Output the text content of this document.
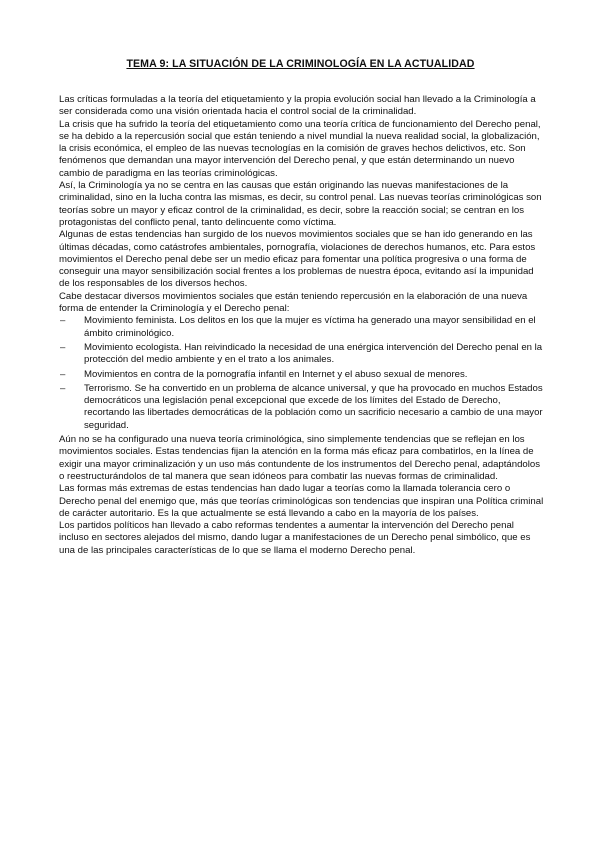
TEMA 9: LA SITUACIÓN DE LA CRIMINOLOGÍA EN LA ACTUALIDAD

Las críticas formuladas a la teoría del etiquetamiento y la propia evolución social han llevado a la Criminología a ser considerada como una visión orientada hacia el control social de la criminalidad.

La crisis que ha sufrido la teoría del etiquetamiento como una teoría crítica de funcionamiento del Derecho penal, se ha debido a la repercusión social que están teniendo a nivel mundial la nueva realidad social, la globalización, la crisis económica, el empleo de las nuevas tecnologías en la comisión de graves hechos delictivos, etc. Son fenómenos que demandan una mayor intervención del Derecho penal, y que están determinando un nuevo cambio de paradigma en las teorías criminológicas.

Así, la Criminología ya no se centra en las causas que están originando las nuevas manifestaciones de la criminalidad, sino en la lucha contra las mismas, es decir, su control penal. Las nuevas teorías criminológicas son teorías sobre un mayor y eficaz control de la criminalidad, es decir, sobre la reacción social; se centran en los protagonistas del conflicto penal, tanto delincuente como víctima.

Algunas de estas tendencias han surgido de los nuevos movimientos sociales que se han ido generando en las últimas décadas, como catástrofes ambientales, pornografía, violaciones de derechos humanos, etc. Para estos movimientos el Derecho penal debe ser un medio eficaz para fomentar una política progresiva o una forma de conseguir una mayor sensibilización social frentes a los problemas de nuestra época, evitando así la impunidad de los responsables de los diversos hechos.

Cabe destacar diversos movimientos sociales que están teniendo repercusión en la elaboración de una nueva forma de entender la Criminología y el Derecho penal:

– Movimiento feminista. Los delitos en los que la mujer es víctima ha generado una mayor sensibilidad en el ámbito criminológico.
– Movimiento ecologista. Han reivindicado la necesidad de una enérgica intervención del Derecho penal en la protección del medio ambiente y en el trato a los animales.
– Movimientos en contra de la pornografía infantil en Internet y el abuso sexual de menores.
– Terrorismo. Se ha convertido en un problema de alcance universal, y que ha provocado en muchos Estados democráticos una legislación penal excepcional que excede de los límites del Estado de Derecho, recortando las libertades democráticas de la población como un sacrificio necesario a cambio de una mayor seguridad.

Aún no se ha configurado una nueva teoría criminológica, sino simplemente tendencias que se reflejan en los movimientos sociales. Estas tendencias fijan la atención en la forma más eficaz para combatirlos, en la línea de exigir una mayor criminalización y un uso más contundente de los instrumentos del Derecho penal, adaptándolos o reestructurándolos de tal manera que sean idóneos para combatir las nuevas formas de criminalidad.

Las formas más extremas de estas tendencias han dado lugar a teorías como la llamada tolerancia cero o Derecho penal del enemigo que, más que teorías criminológicas son tendencias que inspiran una Política criminal de carácter autoritario. Es la que actualmente se está llevando a cabo en la mayoría de los países.

Los partidos políticos han llevado a cabo reformas tendentes a aumentar la intervención del Derecho penal incluso en sectores alejados del mismo, dando lugar a manifestaciones de un Derecho penal simbólico, que es una de las principales características de lo que se llama el moderno Derecho penal.
